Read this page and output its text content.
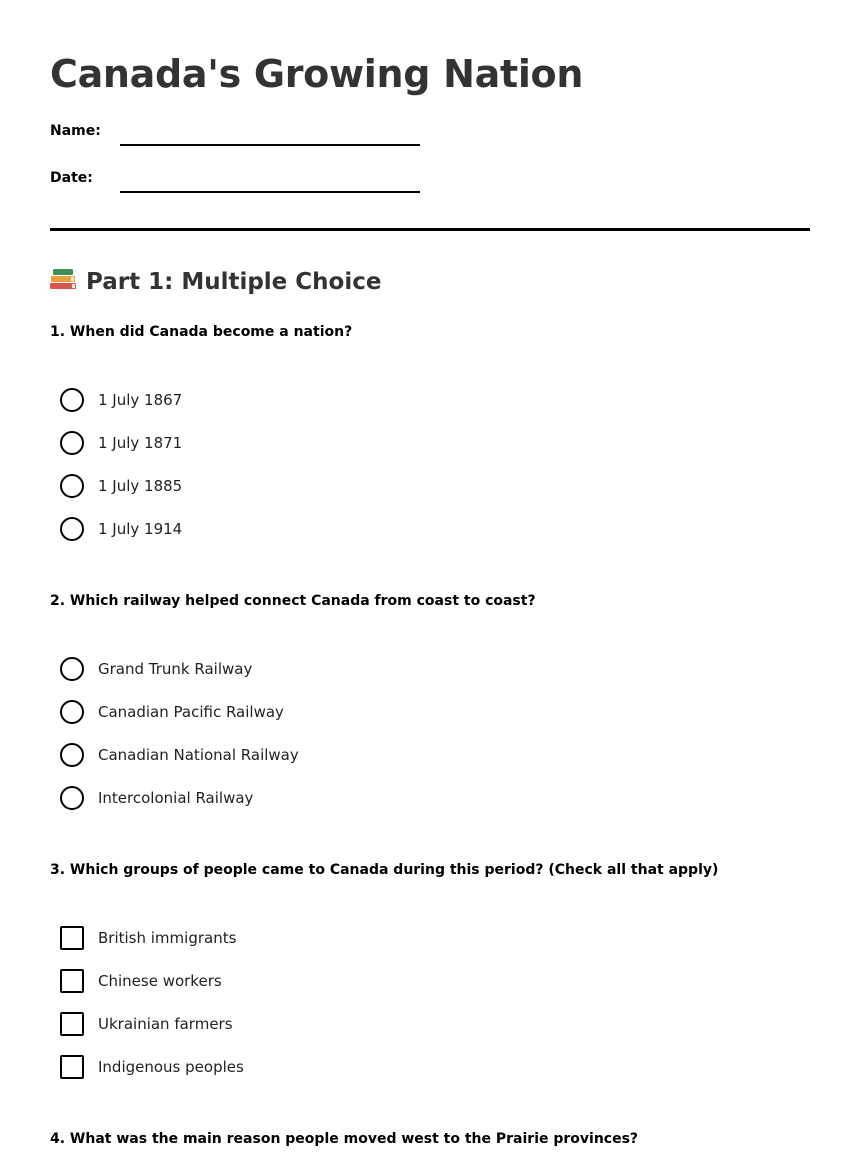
Canada's Growing Nation
Name:
Date:
Part 1: Multiple Choice

1. When did Canada become a nation?

1 July 1867
1 July 1871
1 July 1885
1 July 1914

2. Which railway helped connect Canada from coast to coast?

Grand Trunk Railway
Canadian Pacific Railway
Canadian National Railway
Intercolonial Railway

3. Which groups of people came to Canada during this period? (Check all that apply)

British immigrants
Chinese workers
Ukrainian farmers
Indigenous peoples

4. What was the main reason people moved west to the Prairie provinces?
